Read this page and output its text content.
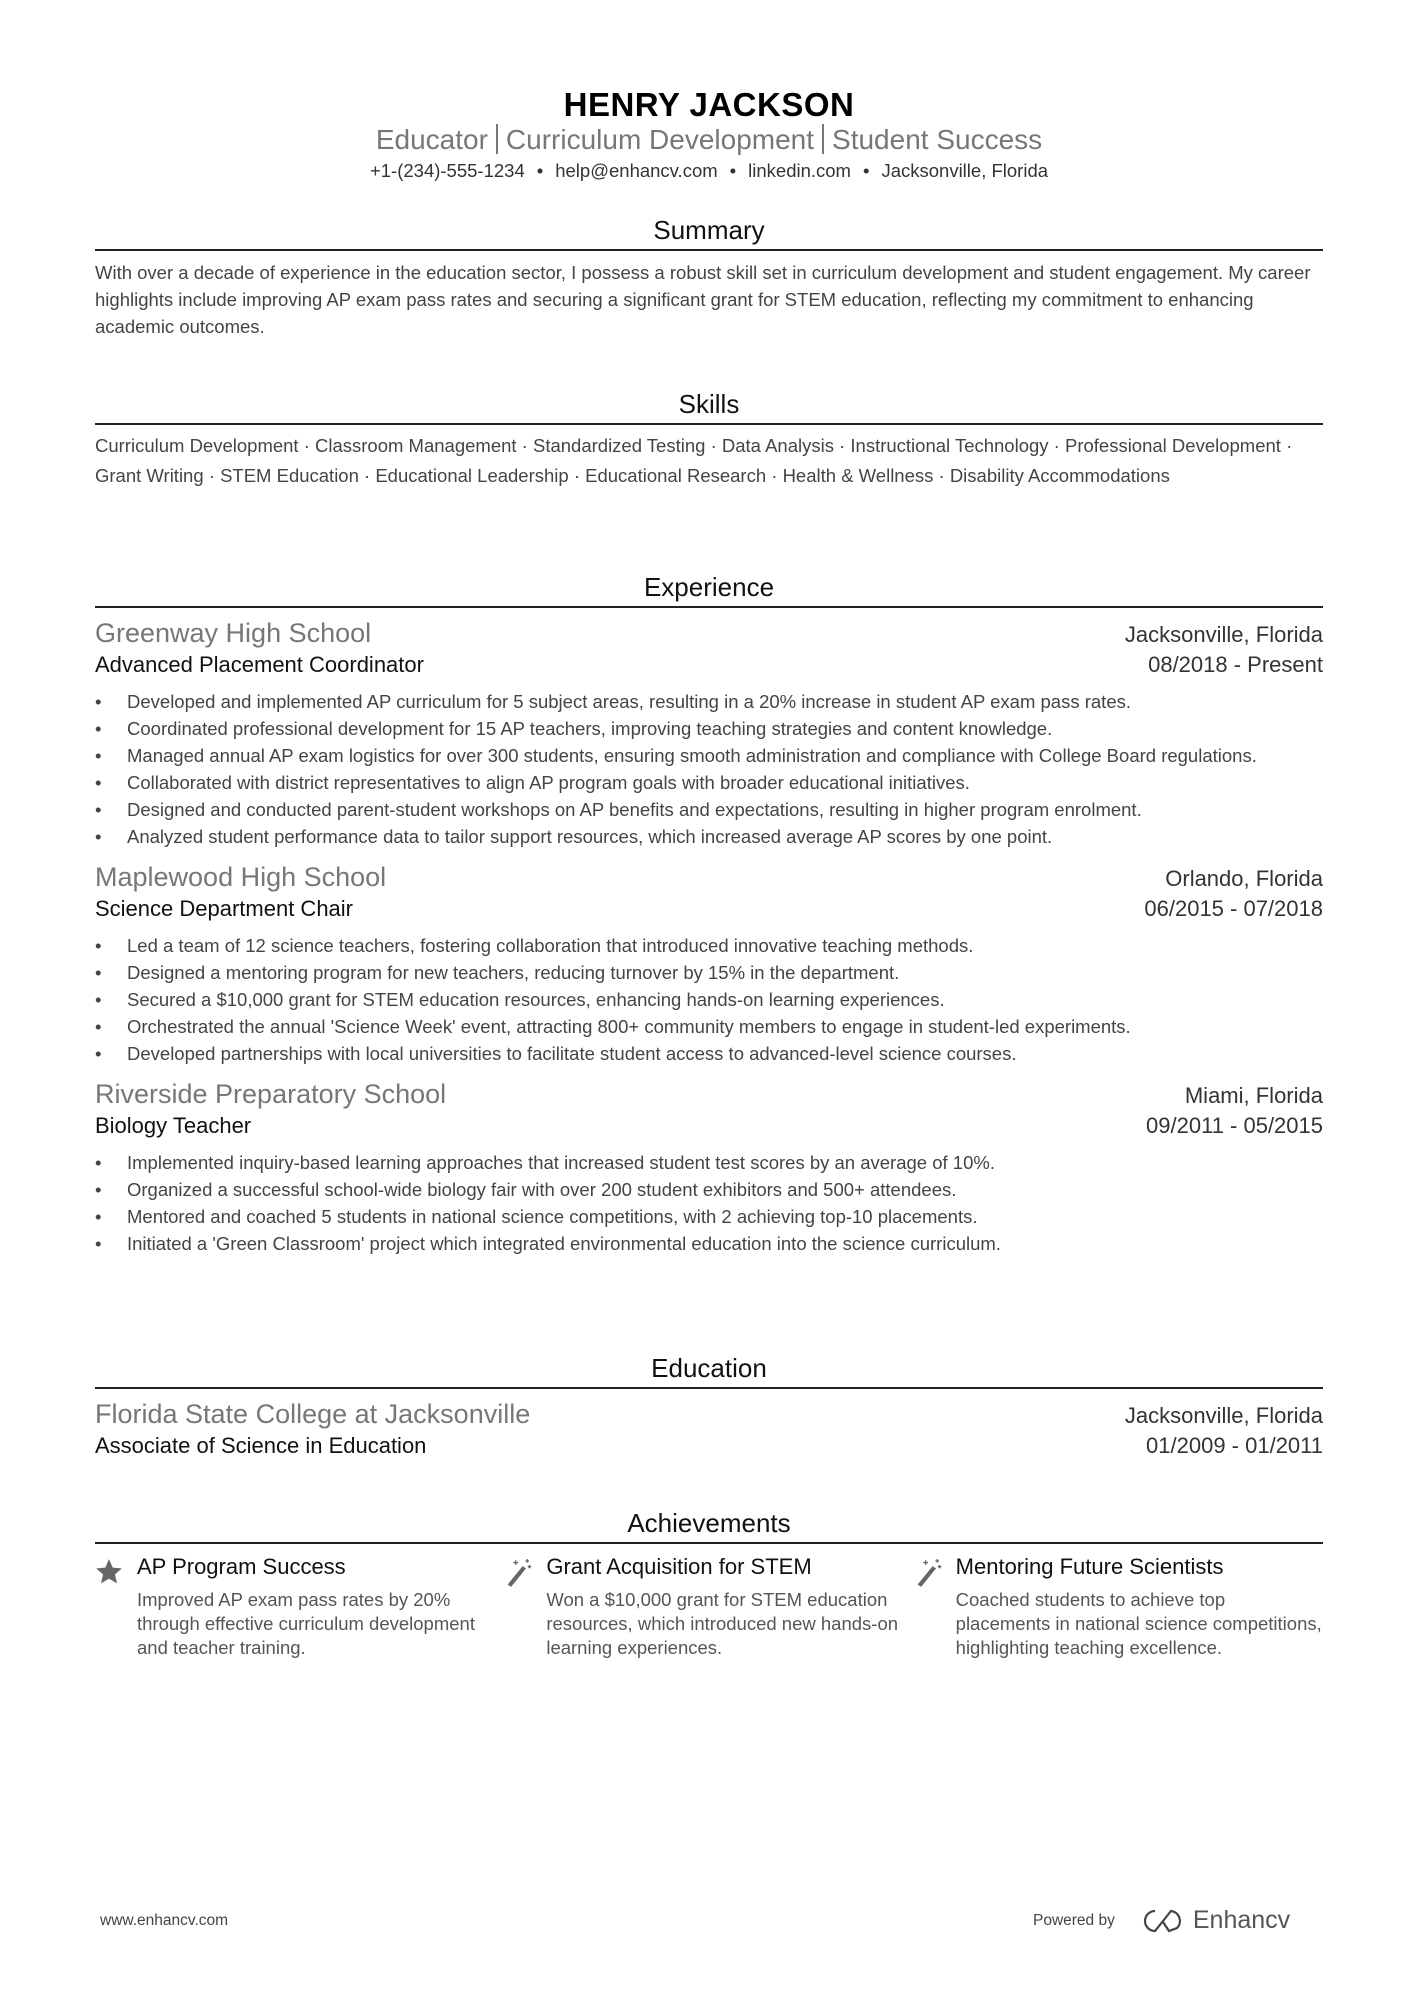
HENRY JACKSON
Educator Curriculum Development Student Success
+1-(234)-555-1234 • help@enhancv.com • linkedin.com • Jacksonville, Florida
Summary

With over a decade of experience in the education sector, I possess a robust skill set in curriculum development and student engagement. My career highlights include improving AP exam pass rates and securing a significant grant for STEM education, reflecting my commitment to enhancing academic outcomes.

Skills

Curriculum Development · Classroom Management · Standardized Testing · Data Analysis · Instructional Technology · Professional Development · Grant Writing · STEM Education · Educational Leadership · Educational Research · Health & Wellness · Disability Accommodations

Experience
Greenway High School	Jacksonville, Florida
Advanced Placement Coordinator	08/2018 - Present
• Developed and implemented AP curriculum for 5 subject areas, resulting in a 20% increase in student AP exam pass rates.
• Coordinated professional development for 15 AP teachers, improving teaching strategies and content knowledge.
• Managed annual AP exam logistics for over 300 students, ensuring smooth administration and compliance with College Board regulations.
• Collaborated with district representatives to align AP program goals with broader educational initiatives.
• Designed and conducted parent-student workshops on AP benefits and expectations, resulting in higher program enrolment.
• Analyzed student performance data to tailor support resources, which increased average AP scores by one point.
Maplewood High School	Orlando, Florida
Science Department Chair	06/2015 - 07/2018
• Led a team of 12 science teachers, fostering collaboration that introduced innovative teaching methods.
• Designed a mentoring program for new teachers, reducing turnover by 15% in the department.
• Secured a $10,000 grant for STEM education resources, enhancing hands-on learning experiences.
• Orchestrated the annual 'Science Week' event, attracting 800+ community members to engage in student-led experiments.
• Developed partnerships with local universities to facilitate student access to advanced-level science courses.
Riverside Preparatory School	Miami, Florida
Biology Teacher	09/2011 - 05/2015
• Implemented inquiry-based learning approaches that increased student test scores by an average of 10%.
• Organized a successful school-wide biology fair with over 200 student exhibitors and 500+ attendees.
• Mentored and coached 5 students in national science competitions, with 2 achieving top-10 placements.
• Initiated a 'Green Classroom' project which integrated environmental education into the science curriculum.
Education
Florida State College at Jacksonville	Jacksonville, Florida
Associate of Science in Education	01/2009 - 01/2011
Achievements
AP Program Success
Improved AP exam pass rates by 20% through effective curriculum development and teacher training.
Grant Acquisition for STEM
Won a $10,000 grant for STEM education resources, which introduced new hands-on learning experiences.
Mentoring Future Scientists
Coached students to achieve top placements in national science competitions, highlighting teaching excellence.
www.enhancv.com	Powered by	Enhancv
